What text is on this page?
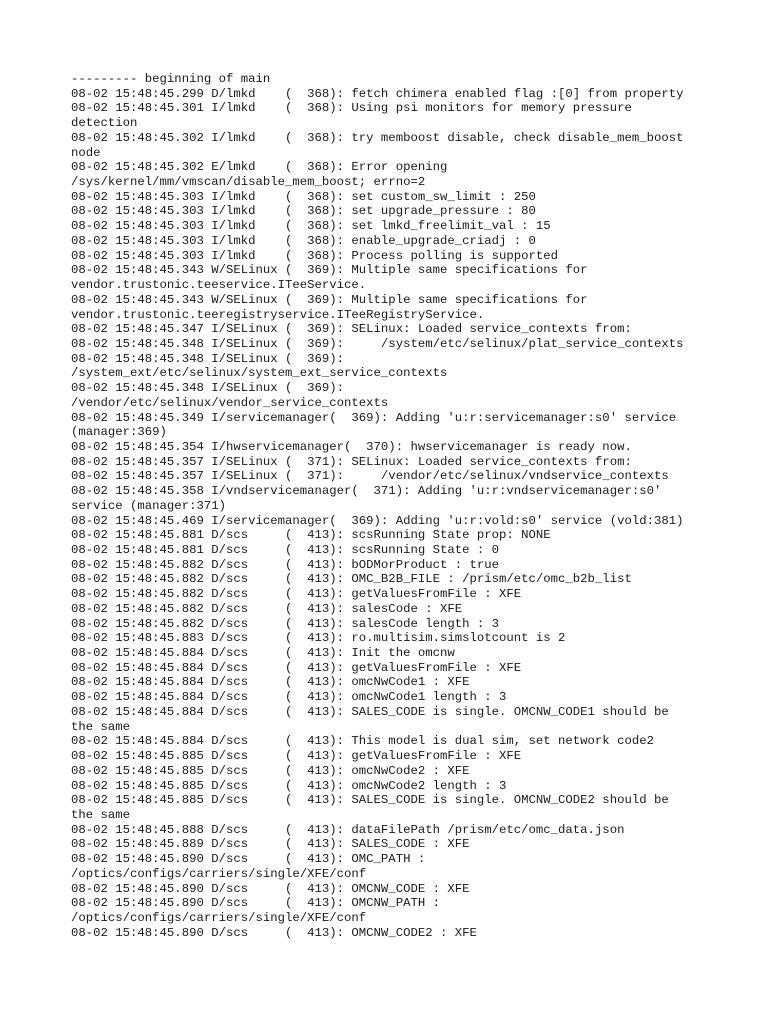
--------- beginning of main
08-02 15:48:45.299 D/lmkd    (  368): fetch chimera enabled flag :[0] from property
08-02 15:48:45.301 I/lmkd    (  368): Using psi monitors for memory pressure
detection
08-02 15:48:45.302 I/lmkd    (  368): try memboost disable, check disable_mem_boost
node
08-02 15:48:45.302 E/lmkd    (  368): Error opening
/sys/kernel/mm/vmscan/disable_mem_boost; errno=2
08-02 15:48:45.303 I/lmkd    (  368): set custom_sw_limit : 250
08-02 15:48:45.303 I/lmkd    (  368): set upgrade_pressure : 80
08-02 15:48:45.303 I/lmkd    (  368): set lmkd_freelimit_val : 15
08-02 15:48:45.303 I/lmkd    (  368): enable_upgrade_criadj : 0
08-02 15:48:45.303 I/lmkd    (  368): Process polling is supported
08-02 15:48:45.343 W/SELinux (  369): Multiple same specifications for
vendor.trustonic.teeservice.ITeeService.
08-02 15:48:45.343 W/SELinux (  369): Multiple same specifications for
vendor.trustonic.teeregistryservice.ITeeRegistryService.
08-02 15:48:45.347 I/SELinux (  369): SELinux: Loaded service_contexts from:
08-02 15:48:45.348 I/SELinux (  369):     /system/etc/selinux/plat_service_contexts
08-02 15:48:45.348 I/SELinux (  369):
/system_ext/etc/selinux/system_ext_service_contexts
08-02 15:48:45.348 I/SELinux (  369):
/vendor/etc/selinux/vendor_service_contexts
08-02 15:48:45.349 I/servicemanager(  369): Adding 'u:r:servicemanager:s0' service
(manager:369)
08-02 15:48:45.354 I/hwservicemanager(  370): hwservicemanager is ready now.
08-02 15:48:45.357 I/SELinux (  371): SELinux: Loaded service_contexts from:
08-02 15:48:45.357 I/SELinux (  371):     /vendor/etc/selinux/vndservice_contexts
08-02 15:48:45.358 I/vndservicemanager(  371): Adding 'u:r:vndservicemanager:s0'
service (manager:371)
08-02 15:48:45.469 I/servicemanager(  369): Adding 'u:r:vold:s0' service (vold:381)
08-02 15:48:45.881 D/scs     (  413): scsRunning State prop: NONE
08-02 15:48:45.881 D/scs     (  413): scsRunning State : 0
08-02 15:48:45.882 D/scs     (  413): bODMorProduct : true
08-02 15:48:45.882 D/scs     (  413): OMC_B2B_FILE : /prism/etc/omc_b2b_list
08-02 15:48:45.882 D/scs     (  413): getValuesFromFile : XFE
08-02 15:48:45.882 D/scs     (  413): salesCode : XFE
08-02 15:48:45.882 D/scs     (  413): salesCode length : 3
08-02 15:48:45.883 D/scs     (  413): ro.multisim.simslotcount is 2
08-02 15:48:45.884 D/scs     (  413): Init the omcnw
08-02 15:48:45.884 D/scs     (  413): getValuesFromFile : XFE
08-02 15:48:45.884 D/scs     (  413): omcNwCode1 : XFE
08-02 15:48:45.884 D/scs     (  413): omcNwCode1 length : 3
08-02 15:48:45.884 D/scs     (  413): SALES_CODE is single. OMCNW_CODE1 should be
the same
08-02 15:48:45.884 D/scs     (  413): This model is dual sim, set network code2
08-02 15:48:45.885 D/scs     (  413): getValuesFromFile : XFE
08-02 15:48:45.885 D/scs     (  413): omcNwCode2 : XFE
08-02 15:48:45.885 D/scs     (  413): omcNwCode2 length : 3
08-02 15:48:45.885 D/scs     (  413): SALES_CODE is single. OMCNW_CODE2 should be
the same
08-02 15:48:45.888 D/scs     (  413): dataFilePath /prism/etc/omc_data.json
08-02 15:48:45.889 D/scs     (  413): SALES_CODE : XFE
08-02 15:48:45.890 D/scs     (  413): OMC_PATH :
/optics/configs/carriers/single/XFE/conf
08-02 15:48:45.890 D/scs     (  413): OMCNW_CODE : XFE
08-02 15:48:45.890 D/scs     (  413): OMCNW_PATH :
/optics/configs/carriers/single/XFE/conf
08-02 15:48:45.890 D/scs     (  413): OMCNW_CODE2 : XFE
